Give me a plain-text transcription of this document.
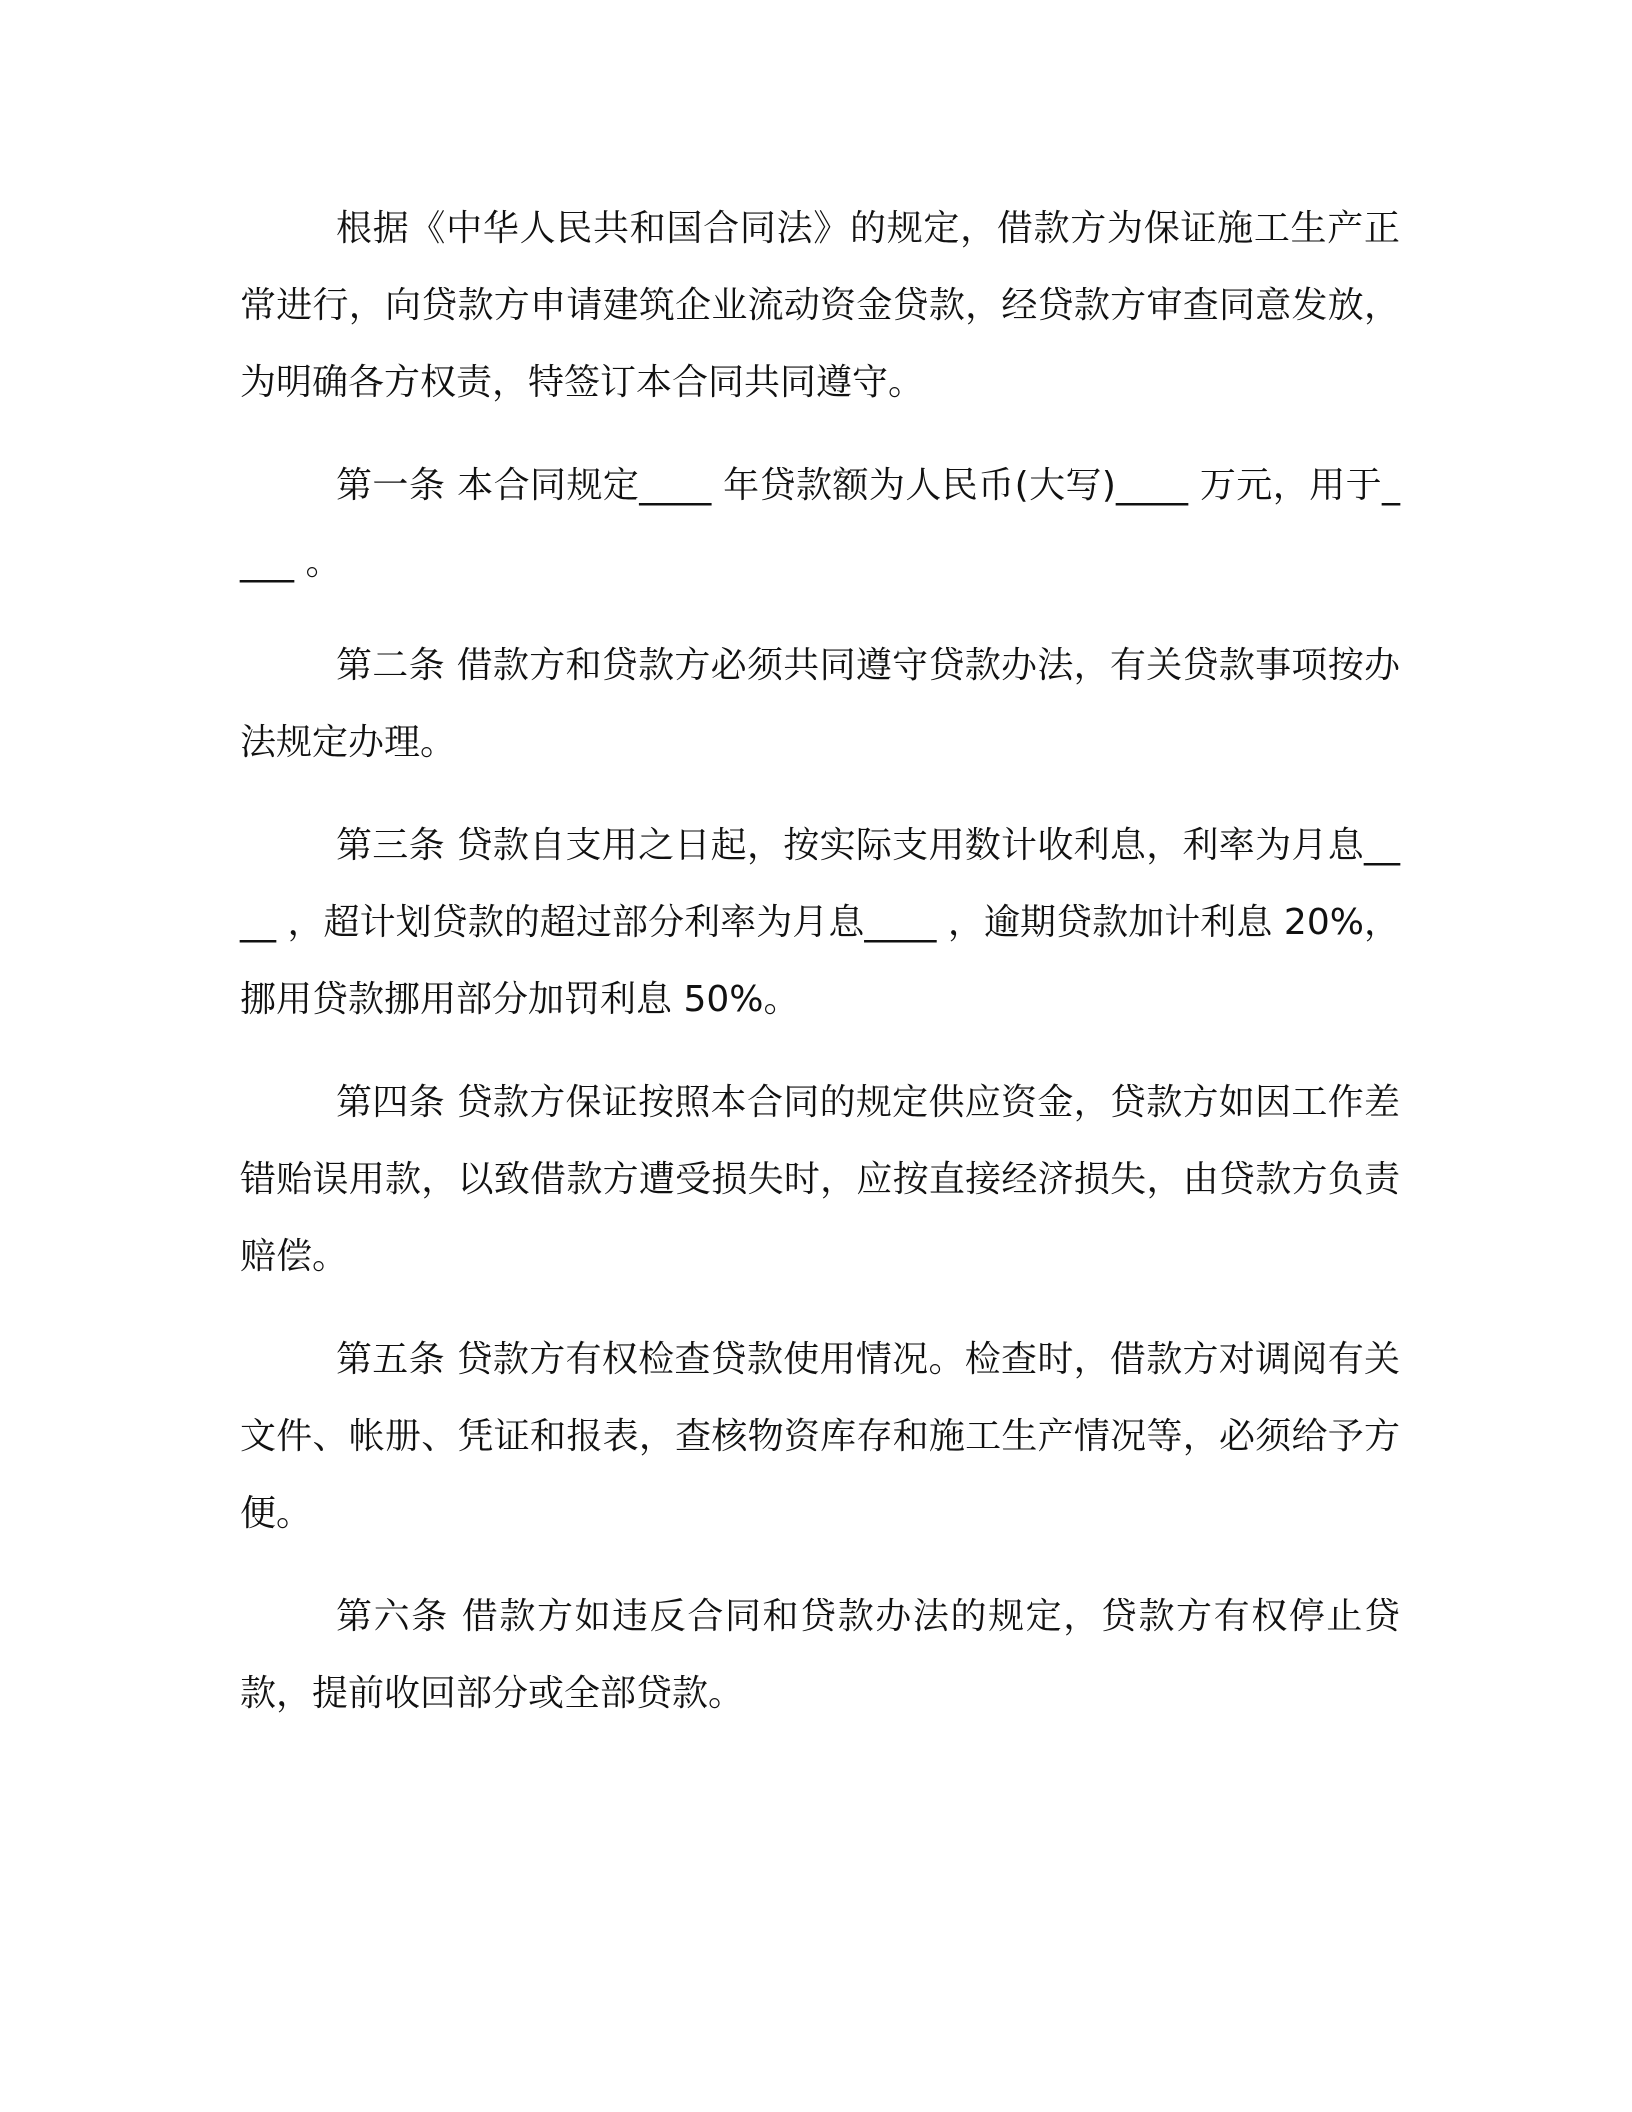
根据《中华人民共和国合同法》的规定，借款方为保证施工生产正常进行，向贷款方申请建筑企业流动资金贷款，经贷款方审查同意发放，为明确各方权责，特签订本合同共同遵守。

第一条 本合同规定____ 年贷款额为人民币(大写)____ 万元，用于____ 。

第二条 借款方和贷款方必须共同遵守贷款办法，有关贷款事项按办法规定办理。

第三条 贷款自支用之日起，按实际支用数计收利息，利率为月息____ ，超计划贷款的超过部分利率为月息____ ，逾期贷款加计利息 20%，挪用贷款挪用部分加罚利息 50%。

第四条 贷款方保证按照本合同的规定供应资金，贷款方如因工作差错贻误用款，以致借款方遭受损失时，应按直接经济损失，由贷款方负责赔偿。

第五条 贷款方有权检查贷款使用情况。检查时，借款方对调阅有关文件、帐册、凭证和报表，查核物资库存和施工生产情况等，必须给予方便。

第六条 借款方如违反合同和贷款办法的规定，贷款方有权停止贷款，提前收回部分或全部贷款。
